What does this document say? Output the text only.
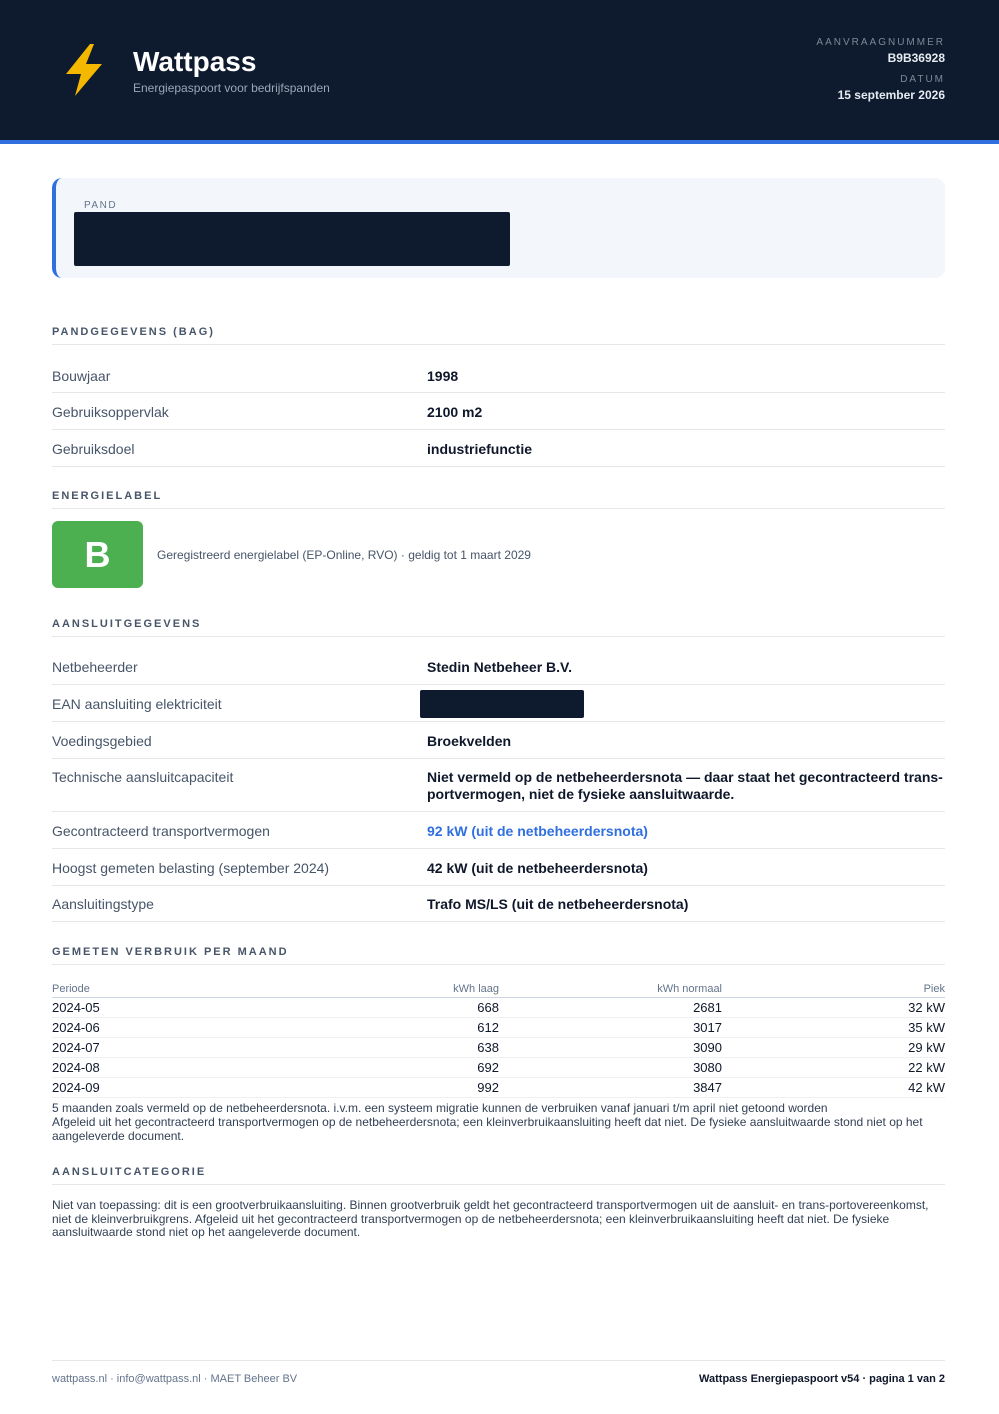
Wattpass
Energiepaspoort voor bedrijfspanden
AANVRAAGNUMMER
B9B36928
DATUM
15 september 2026
PAND
PANDGEGEVENS (BAG)
Bouwjaar	1998
Gebruiksoppervlak	2100 m2
Gebruiksdoel	industriefunctie
ENERGIELABEL
B	Geregistreerd energielabel (EP-Online, RVO) · geldig tot 1 maart 2029
AANSLUITGEGEVENS
Netbeheerder	Stedin Netbeheer B.V.
EAN aansluiting elektriciteit
Voedingsgebied	Broekvelden
Technische aansluitcapaciteit	Niet vermeld op de netbeheerdersnota — daar staat het gecontracteerd trans-portvermogen, niet de fysieke aansluitwaarde.
Gecontracteerd transportvermogen	92 kW (uit de netbeheerdersnota)
Hoogst gemeten belasting (september 2024)	42 kW (uit de netbeheerdersnota)
Aansluitingstype	Trafo MS/LS (uit de netbeheerdersnota)
GEMETEN VERBRUIK PER MAAND
Periode	kWh laag	kWh normaal	Piek
2024-05	668	2681	32 kW
2024-06	612	3017	35 kW
2024-07	638	3090	29 kW
2024-08	692	3080	22 kW
2024-09	992	3847	42 kW
5 maanden zoals vermeld op de netbeheerdersnota. i.v.m. een systeem migratie kunnen de verbruiken vanaf januari t/m april niet getoond worden
Afgeleid uit het gecontracteerd transportvermogen op de netbeheerdersnota; een kleinverbruikaansluiting heeft dat niet. De fysieke aansluitwaarde stond niet op het aangeleverde document.
AANSLUITCATEGORIE
Niet van toepassing: dit is een grootverbruikaansluiting. Binnen grootverbruik geldt het gecontracteerd transportvermogen uit de aansluit- en trans-portovereenkomst, niet de kleinverbruikgrens. Afgeleid uit het gecontracteerd transportvermogen op de netbeheerdersnota; een kleinverbruikaansluiting heeft dat niet. De fysieke aansluitwaarde stond niet op het aangeleverde document.
wattpass.nl · info@wattpass.nl · MAET Beheer BV	Wattpass Energiepaspoort v54 · pagina 1 van 2
